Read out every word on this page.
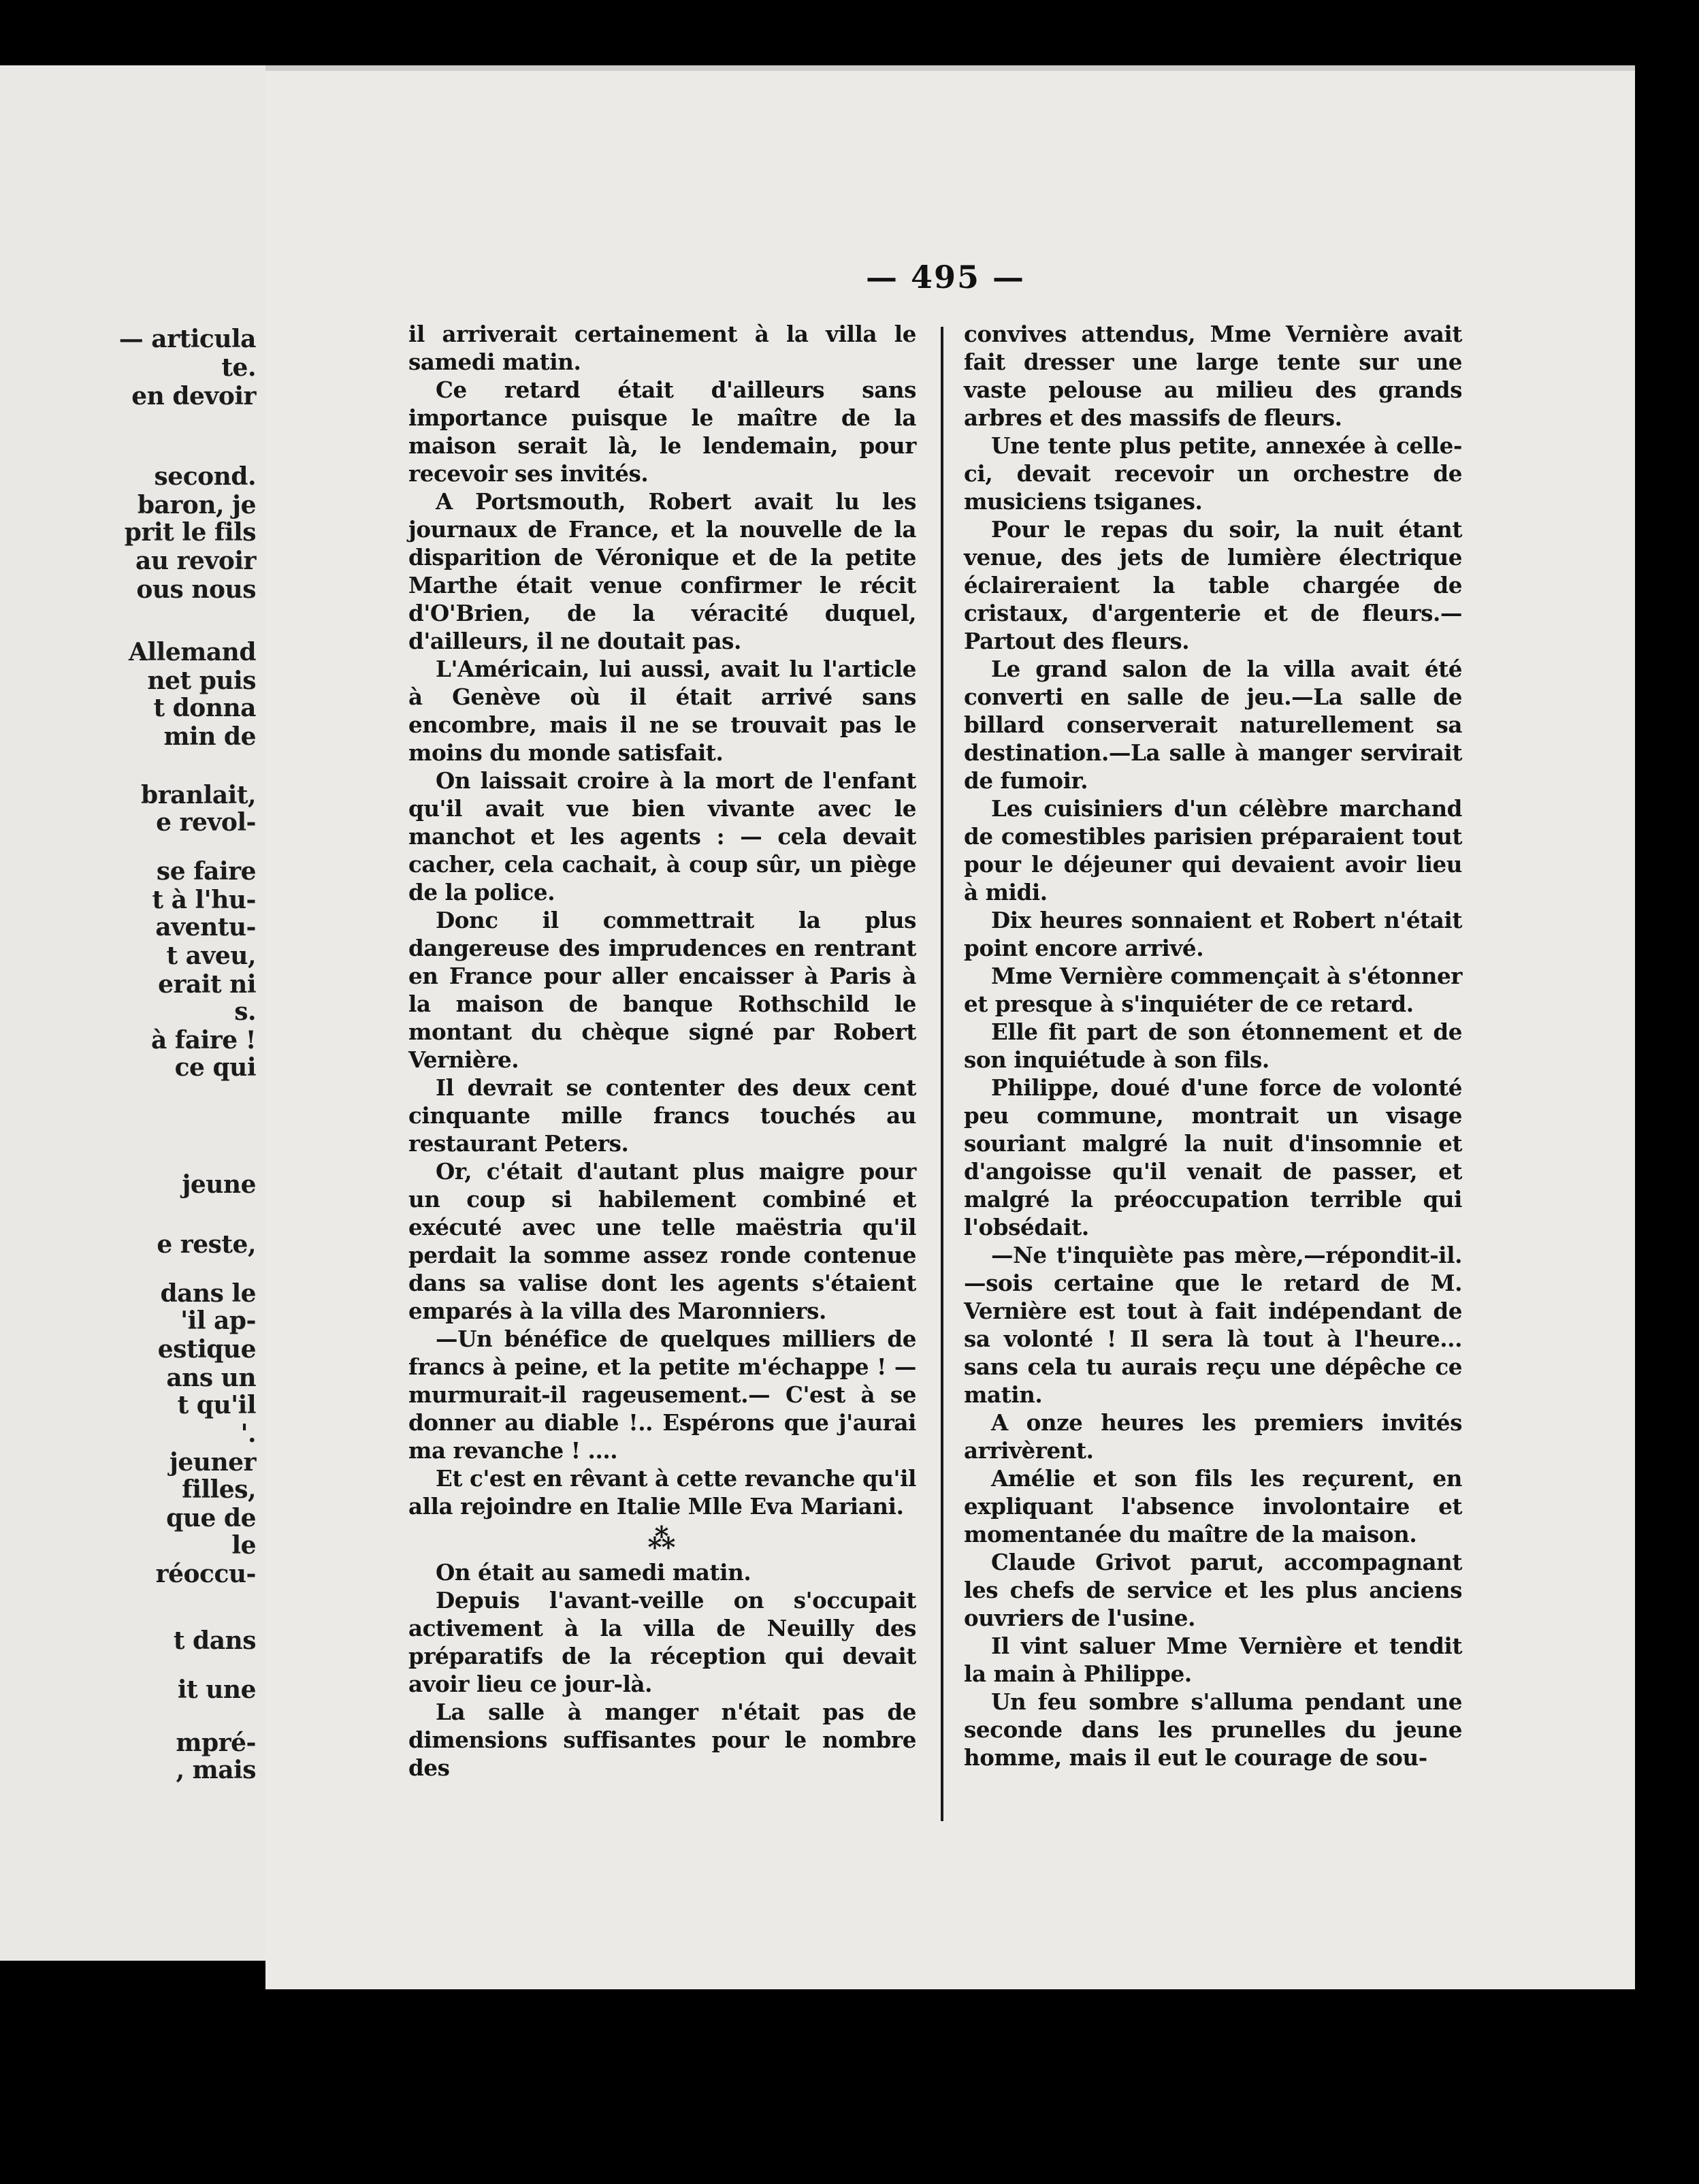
— articula
te.
en devoir
second.
baron, je
prit le fils
au revoir
ous nous
Allemand
net puis
t donna
min de
branlait,
e revol-
se faire
t à l'hu-
aventu-
t aveu,
erait ni
s.
à faire !
ce qui
jeune
e reste,
dans le
'il ap-
estique
ans un
t qu'il
'.
jeuner
filles,
que de
le
réoccu-
t dans
it une
mpré-
, mais
— 495 —

il arriverait certainement à la villa le samedi matin.

Ce retard était d'ailleurs sans importance puisque le maître de la maison serait là, le lendemain, pour recevoir ses invités.

A Portsmouth, Robert avait lu les journaux de France, et la nouvelle de la disparition de Véronique et de la petite Marthe était venue confirmer le récit d'O'Brien, de la véracité duquel, d'ailleurs, il ne doutait pas.

L'Américain, lui aussi, avait lu l'article à Genève où il était arrivé sans encombre, mais il ne se trouvait pas le moins du monde satisfait.

On laissait croire à la mort de l'enfant qu'il avait vue bien vivante avec le manchot et les agents : — cela devait cacher, cela cachait, à coup sûr, un piège de la police.

Donc il commettrait la plus dangereuse des imprudences en rentrant en France pour aller encaisser à Paris à la maison de banque Rothschild le montant du chèque signé par Robert Vernière.

Il devrait se contenter des deux cent cinquante mille francs touchés au restaurant Peters.

Or, c'était d'autant plus maigre pour un coup si habilement combiné et exécuté avec une telle maëstria qu'il perdait la somme assez ronde contenue dans sa valise dont les agents s'étaient emparés à la villa des Maronniers.

—Un bénéfice de quelques milliers de francs à peine, et la petite m'échappe ! —murmurait-il rageusement.— C'est à se donner au diable !.. Espérons que j'aurai ma revanche ! ....

Et c'est en rêvant à cette revanche qu'il alla rejoindre en Italie Mlle Eva Mariani.

⁂

On était au samedi matin.

Depuis l'avant-veille on s'occupait activement à la villa de Neuilly des préparatifs de la réception qui devait avoir lieu ce jour-là.

La salle à manger n'était pas de dimensions suffisantes pour le nombre des

convives attendus, Mme Vernière avait fait dresser une large tente sur une vaste pelouse au milieu des grands arbres et des massifs de fleurs.

Une tente plus petite, annexée à celle-ci, devait recevoir un orchestre de musiciens tsiganes.

Pour le repas du soir, la nuit étant venue, des jets de lumière électrique éclaireraient la table chargée de cristaux, d'argenterie et de fleurs.—Partout des fleurs.

Le grand salon de la villa avait été converti en salle de jeu.—La salle de billard conserverait naturellement sa destination.—La salle à manger servirait de fumoir.

Les cuisiniers d'un célèbre marchand de comestibles parisien préparaient tout pour le déjeuner qui devaient avoir lieu à midi.

Dix heures sonnaient et Robert n'était point encore arrivé.

Mme Vernière commençait à s'étonner et presque à s'inquiéter de ce retard.

Elle fit part de son étonnement et de son inquiétude à son fils.

Philippe, doué d'une force de volonté peu commune, montrait un visage souriant malgré la nuit d'insomnie et d'angoisse qu'il venait de passer, et malgré la préoccupation terrible qui l'obsédait.

—Ne t'inquiète pas mère,—répondit-il.—sois certaine que le retard de M. Vernière est tout à fait indépendant de sa volonté ! Il sera là tout à l'heure... sans cela tu aurais reçu une dépêche ce matin.

A onze heures les premiers invités arrivèrent.

Amélie et son fils les reçurent, en expliquant l'absence involontaire et momentanée du maître de la maison.

Claude Grivot parut, accompagnant les chefs de service et les plus anciens ouvriers de l'usine.

Il vint saluer Mme Vernière et tendit la main à Philippe.

Un feu sombre s'alluma pendant une seconde dans les prunelles du jeune homme, mais il eut le courage de sou-
